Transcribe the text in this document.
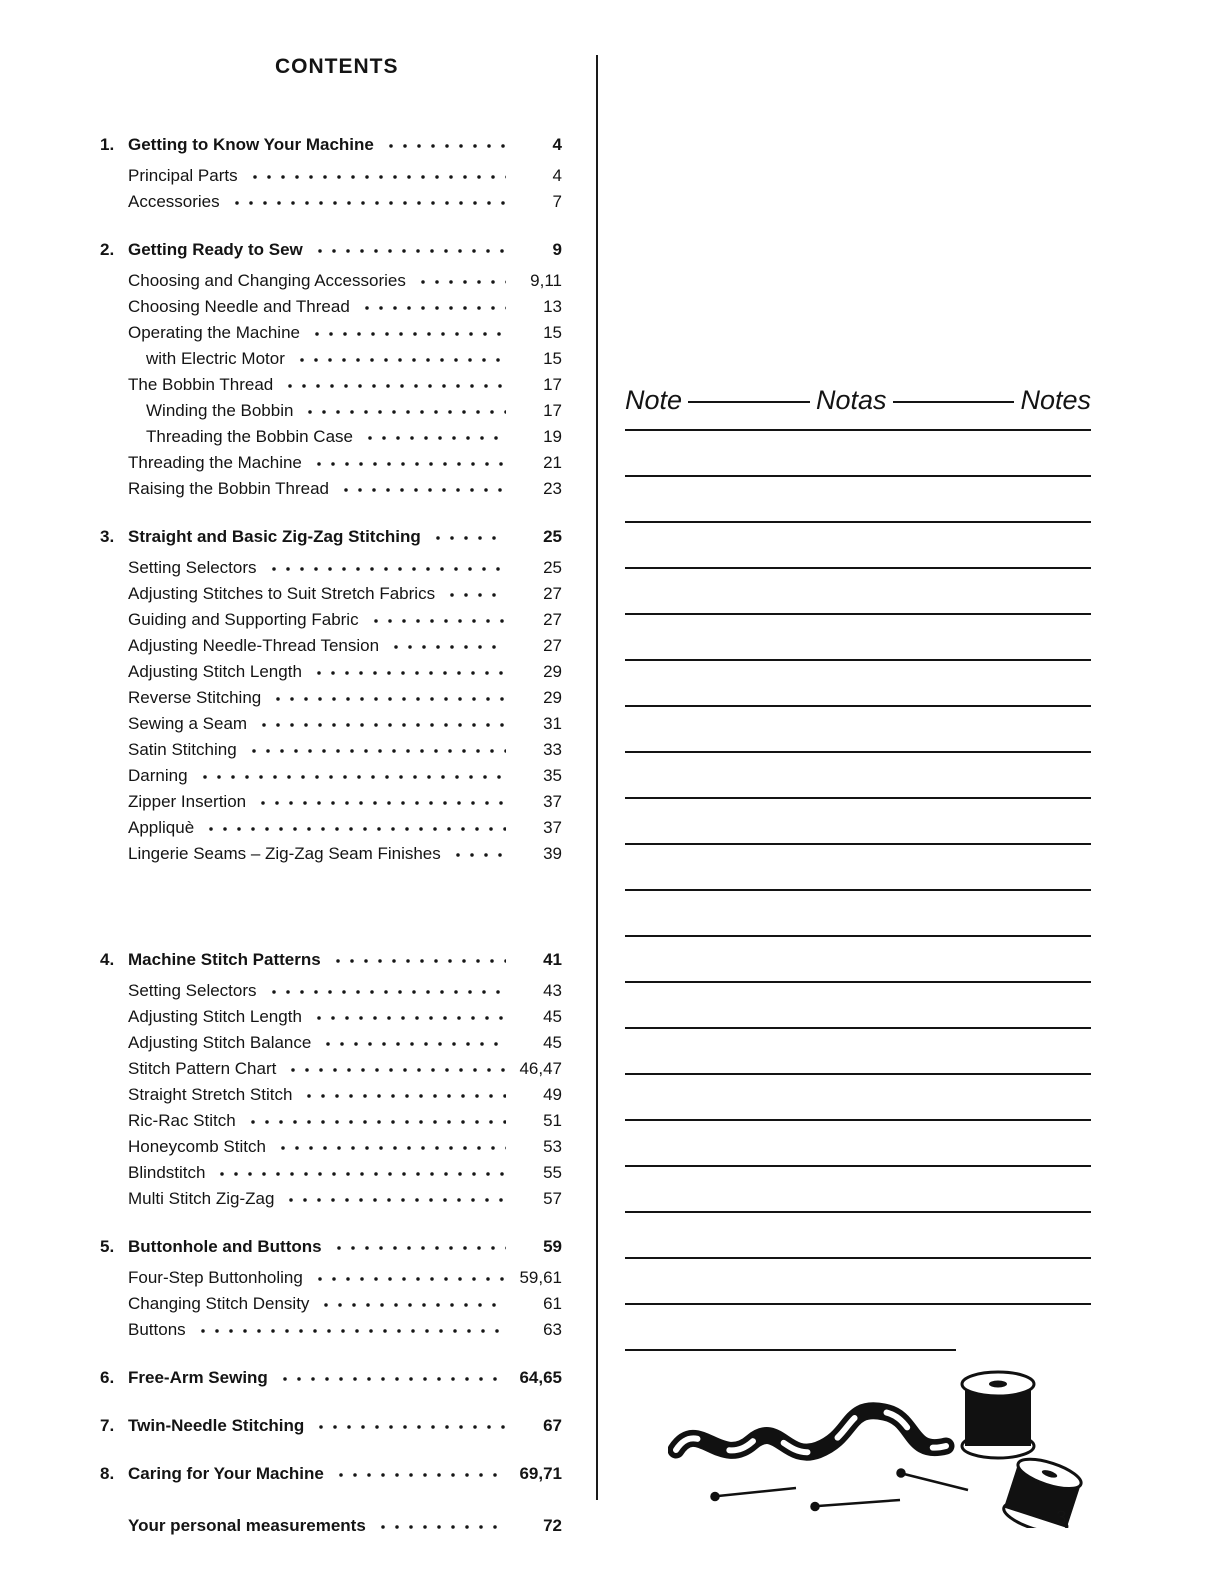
CONTENTS
1. Getting to Know Your Machine	4
Principal Parts	4
Accessories	7
2. Getting Ready to Sew	9
Choosing and Changing Accessories	9,11
Choosing Needle and Thread	13
Operating the Machine	15
with Electric Motor	15
The Bobbin Thread	17
Winding the Bobbin	17
Threading the Bobbin Case	19
Threading the Machine	21
Raising the Bobbin Thread	23
3. Straight and Basic Zig-Zag Stitching	25
Setting Selectors	25
Adjusting Stitches to Suit Stretch Fabrics	27
Guiding and Supporting Fabric	27
Adjusting Needle-Thread Tension	27
Adjusting Stitch Length	29
Reverse Stitching	29
Sewing a Seam	31
Satin Stitching	33
Darning	35
Zipper Insertion	37
Appliquè	37
Lingerie Seams – Zig-Zag Seam Finishes	39
4. Machine Stitch Patterns	41
Setting Selectors	43
Adjusting Stitch Length	45
Adjusting Stitch Balance	45
Stitch Pattern Chart	46,47
Straight Stretch Stitch	49
Ric-Rac Stitch	51
Honeycomb Stitch	53
Blindstitch	55
Multi Stitch Zig-Zag	57
5. Buttonhole and Buttons	59
Four-Step Buttonholing	59,61
Changing Stitch Density	61
Buttons	63
6. Free-Arm Sewing	64,65
7. Twin-Needle Stitching	67
8. Caring for Your Machine	69,71
Your personal measurements	72
Note	Notas	Notes
3
